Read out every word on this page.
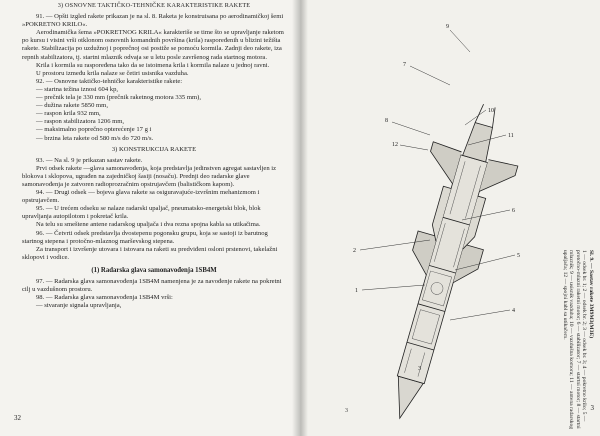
3) OSNOVNE TAKTIČKO-TEHNIČKE KARAKTERISTIKE RAKETE

91. — Opšti izgled rakete prikazan je na sl. 8. Raketa je konstruisana po aerodinamičkoj šemi »POKRETNO KRILO«.

Aerodinamička šema »POKRETNOG KRILA« karakteriše se time što se upravljanje raketom po kursu i visini vrši otklonom osnovnih komandnih površina (krila) raspoređenih u blizini težišta rakete. Stabilizacija po uzdužnoj i poprečnoj osi postiže se pomoću kormila. Zadnji deo rakete, iza repnih stabilizatora, tj. startni mlaznik odvaja se u letu posle završenog rada startnog motora.

Krila i kormila su raspoređena tako da se istoimena krila i kormila nalaze u jednoj ravni.

U prostoru između krila nalaze se četiri usisnika vazduha.

92. — Osnovne taktičko-tehničke karakteristike rakete:

— startna težina iznosi 604 kp,

— prečnik tela je 330 mm (prečnik raketnog motora 335 mm),

— dužina rakete 5850 mm,

— raspon krila 932 mm,

— raspon stabilizatora 1206 mm,

— maksimalno poprečno opterećenje 17 g i

— brzina leta rakete od 580 m/s do 720 m/s.

3) KONSTRUKCIJA RAKETE

93. — Na sl. 9 je prikazan sastav rakete.

Prvi odsek rakete —glava samonavođenja, koja predstavlja jedinstven agregat sastavljen iz blokova i sklopova, ugrađen na zajedničkoj šasiji (nosaču). Prednji deo radarske glave samonavođenja je zatvoren radioprozračnim opstrujavčem (balističkom kapom).

94. — Drugi odsek — bojeva glava rakete sa osiguravajuće-izvršnim mehanizmom i opstrujavčem.

95. — U trećem odseku se nalaze radarski upaljač, pneumatsko-energetski blok, blok upravljanja autopilotom i pokretač krila.

Na telu su smeštene antene radarskog upaljača i dva rezna spojna kabla sa utikačima.

96. — Četvrti odsek predstavlja dvostepenu pogonsku grupu, koja se sastoji iz barutnog startnog stepena i protočno-mlaznog marševskog stepena.

Za transport i izvršenje utovara i istovara na raketi su predviđeni osloni prstenovi, takelažni sklopovi i vodice.

(1) Radarska glava samonavođenja 1SB4M

97. — Radarska glava samonavođenja 1SB4M namenjena je za navođenje rakete na pokretni cilj u vazdušnom prostoru.

98. — Radarska glava samonavođenja 1SB4M vrši:

— stvaranje signala upravljanja,

32
3	3
12
8
7
9
10
11
6
5
4
2
1
3

Sl. 9. — Sastav rakete 3M9M3(M3E)

1 — odsek br. 1; 2 — odsek br. 2; 3 — odsek br. 3; 4 — pokretno krilo; 5 — protočno-mlazni raketni motor; 6 — stabilizator; 7 — startni motor; 8 — startni mlaznik; 9 — usisnik vazduha; 10 — vazdušna komora; 11 — antena radarskog upaljača; 12 — spojni kabl sa utikačem.
